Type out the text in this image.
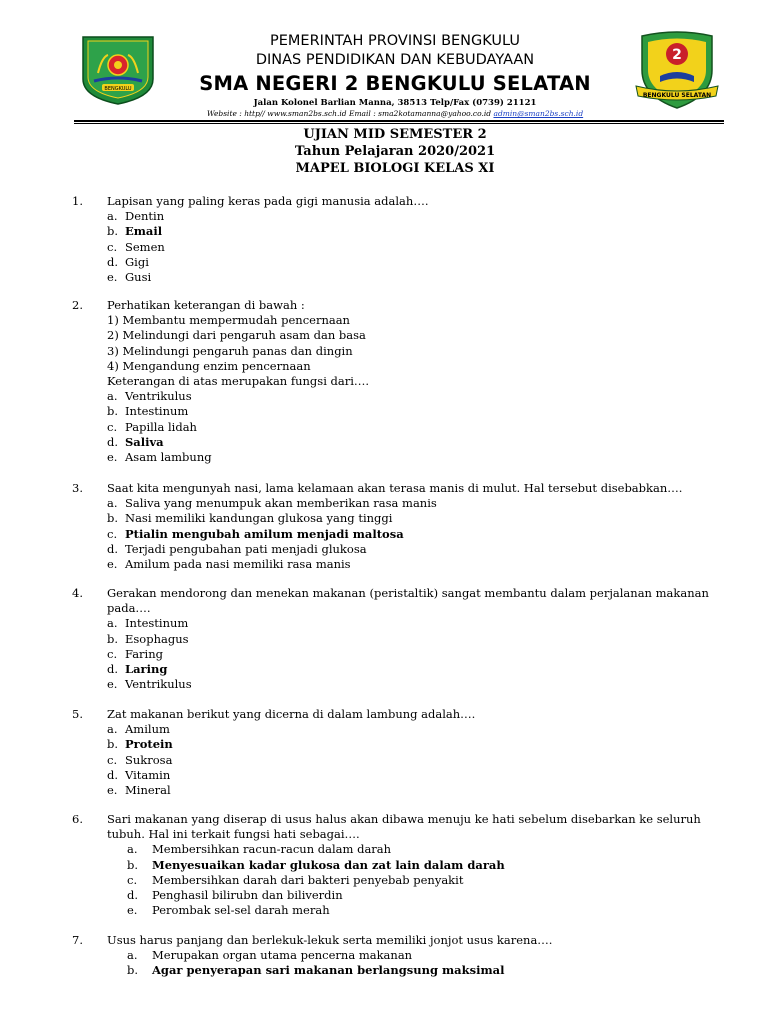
BENGKULU
2
BENGKULU SELATAN
PEMERINTAH PROVINSI BENGKULU
DINAS PENDIDIKAN DAN KEBUDAYAAN
SMA NEGERI 2 BENGKULU SELATAN
Jalan Kolonel Barlian Manna, 38513 Telp/Fax (0739) 21121
Website : http// www.sman2bs.sch.id Email : sma2kotamanna@yahoo.co.id admin@sman2bs.sch.id
UJIAN MID SEMESTER 2
Tahun Pelajaran 2020/2021
MAPEL BIOLOGI KELAS XI
1. Lapisan yang paling keras pada gigi manusia adalah….
a. Dentin
b. Email
c. Semen
d. Gigi
e. Gusi
2. Perhatikan keterangan di bawah :
1) Membantu mempermudah pencernaan
2) Melindungi dari pengaruh asam dan basa
3) Melindungi pengaruh panas dan dingin
4) Mengandung enzim pencernaan
Keterangan di atas merupakan fungsi dari….
a. Ventrikulus
b. Intestinum
c. Papilla lidah
d. Saliva
e. Asam lambung
3. Saat kita mengunyah nasi, lama kelamaan akan terasa manis di mulut. Hal tersebut disebabkan….
a. Saliva yang menumpuk akan memberikan rasa manis
b. Nasi memiliki kandungan glukosa yang tinggi
c. Ptialin mengubah amilum menjadi maltosa
d. Terjadi pengubahan pati menjadi glukosa
e. Amilum pada nasi memiliki rasa manis
4. Gerakan mendorong dan menekan makanan (peristaltik) sangat membantu dalam perjalanan makanan
pada….
a. Intestinum
b. Esophagus
c. Faring
d. Laring
e. Ventrikulus
5. Zat makanan berikut yang dicerna di dalam lambung adalah….
a. Amilum
b. Protein
c. Sukrosa
d. Vitamin
e. Mineral
6. Sari makanan yang diserap di usus halus akan dibawa menuju ke hati sebelum disebarkan ke seluruh
tubuh. Hal ini terkait fungsi hati sebagai….
a. Membersihkan racun-racun dalam darah
b. Menyesuaikan kadar glukosa dan zat lain dalam darah
c. Membersihkan darah dari bakteri penyebab penyakit
d. Penghasil bilirubn dan biliverdin
e. Perombak sel-sel darah merah
7. Usus harus panjang dan berlekuk-lekuk serta memiliki jonjot usus karena….
a. Merupakan organ utama pencerna makanan
b. Agar penyerapan sari makanan berlangsung maksimal
